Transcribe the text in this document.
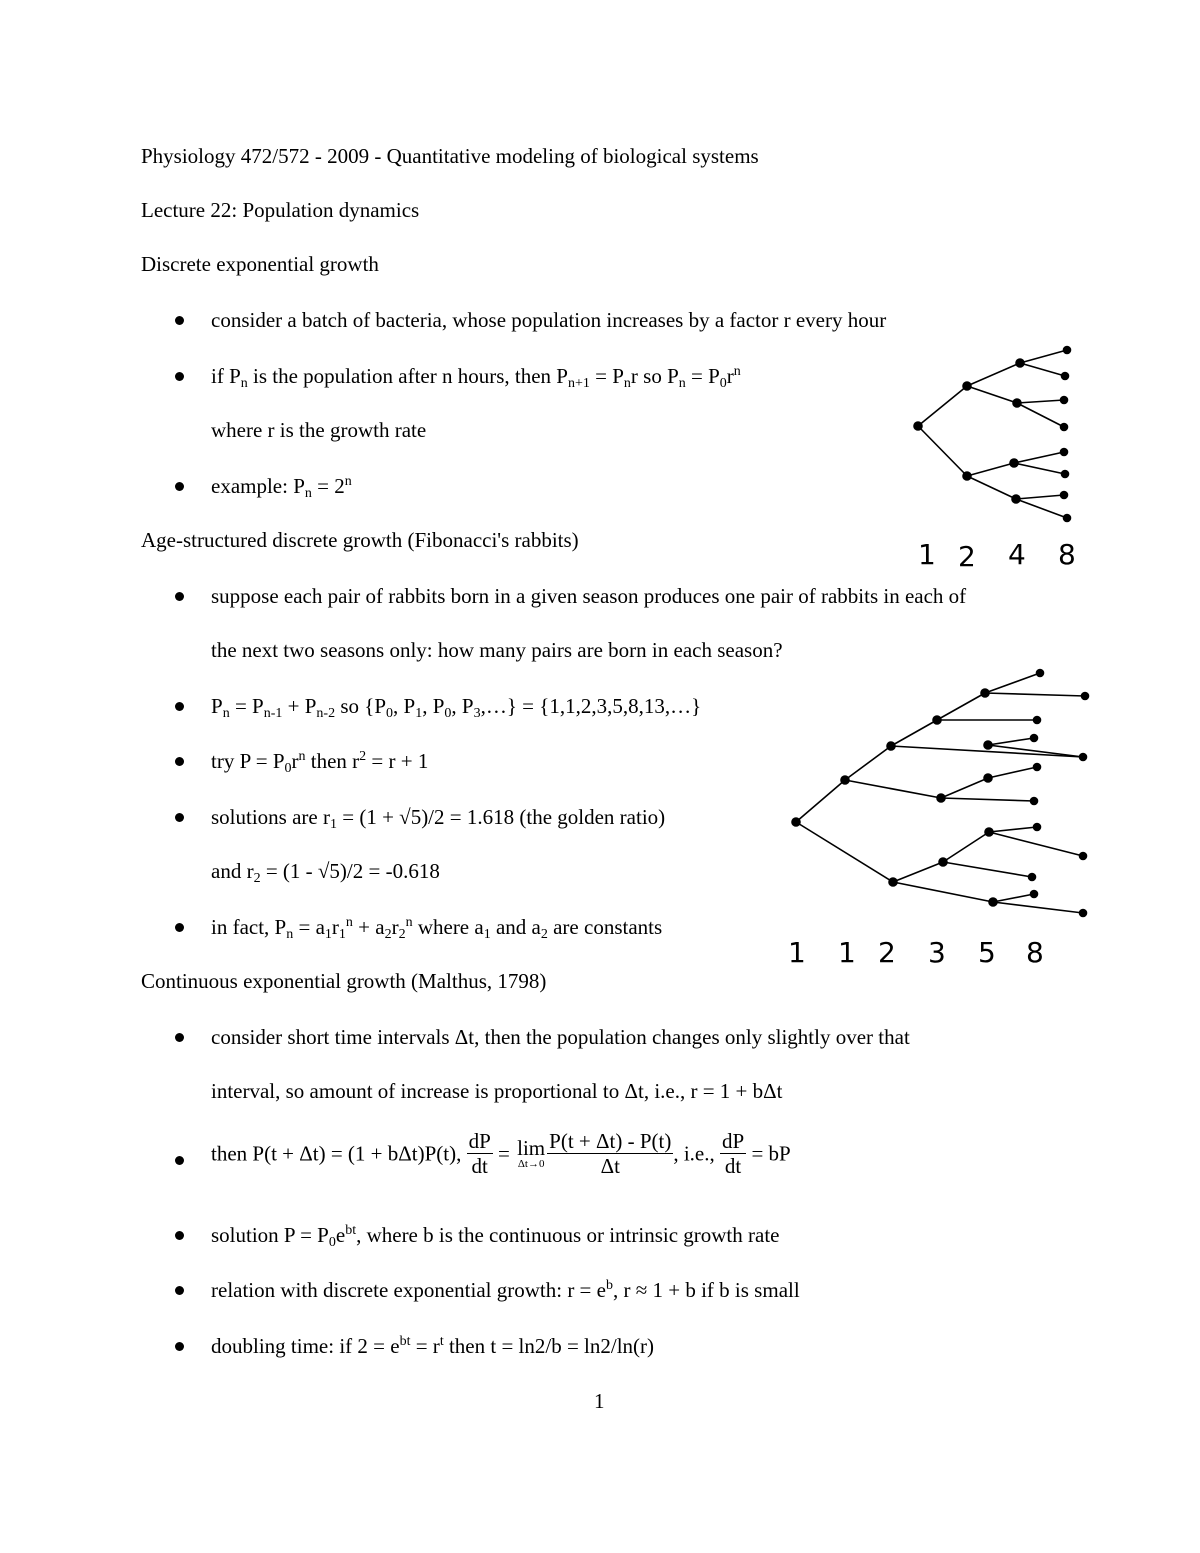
Physiology 472/572 - 2009 - Quantitative modeling of biological systems
Lecture 22: Population dynamics
Discrete exponential growth
consider a batch of bacteria, whose population increases by a factor r every hour
if $P_n$ is the population after n hours, then $P_{n+1} = P_nr$ so $P_n = P_0r^n$
where r is the growth rate
example: $P_n = 2^n$
Age-structured discrete growth (Fibonacci's rabbits)
suppose each pair of rabbits born in a given season produces one pair of rabbits in each of
the next two seasons only: how many pairs are born in each season?
$P_n = P_{n-1} + P_{n-2}$ so {$P_0$, $P_1$, $P_0$, $P_3,\dots$} = {1,1,2,3,5,8,13,…}
try $P = P_0r^n$ then $r^2 = r + 1$
solutions are $r_1 = (1 + √5)/2 = 1.618$ (the golden ratio)
and $r_2 = (1 - √5)/2 = -0.618$
in fact, $P_n = a_1r_1^n + a_2r_2^n$ where $a_1$ and $a_2$ are constants
Continuous exponential growth (Malthus, 1798)
consider short time intervals Δt, then the population changes only slightly over that
interval, so amount of increase is proportional to Δt, i.e., r = 1 + bΔt
then P(t + Δt) = (1 + bΔt)P(t), $\frac{dP}{dt} = \lim$
$\Delta t\to 0 \frac{P(t + \Delta t) - P(t)}{\Delta t}$ , i.e., $\frac{dP}{dt}$ = bP
solution $P = P_0e^{bt}$, where b is the continuous or intrinsic growth rate
relation with discrete exponential growth: $r = e^b$, r ≈ 1 + b if b is small
doubling time: if $2 = e^{bt} = r^t$ then t = ln2/b = ln2/ln(r)
1
1 2 4 8
1 1 2 3 5 8
